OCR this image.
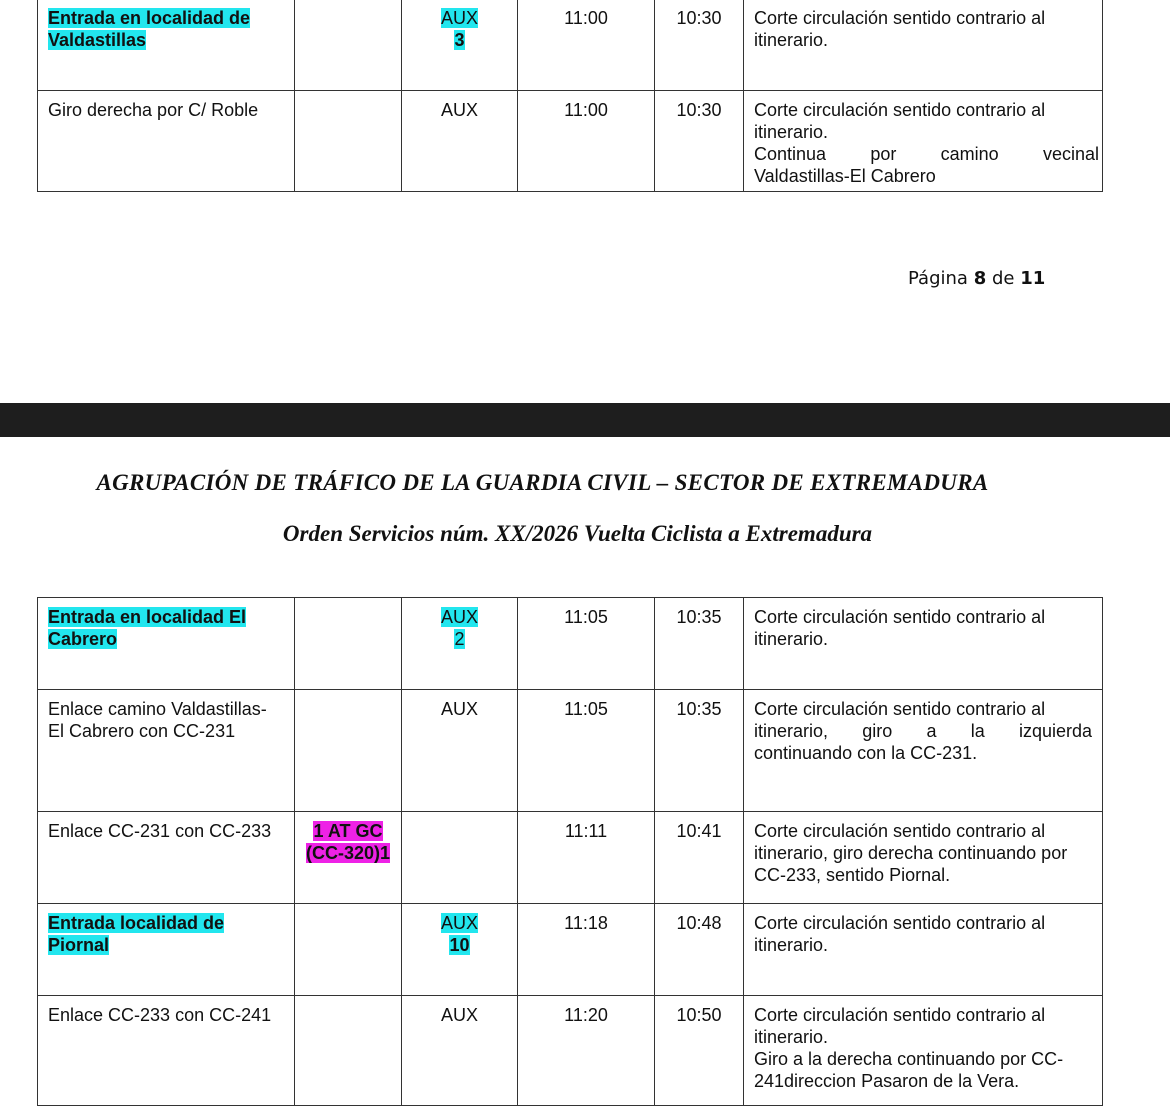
Entrada en localidad de
Valdastillas		AUX
3	11:00	10:30	Corte circulación sentido contrario al
itinerario.

Giro derecha por C/ Roble		AUX	11:00	10:30	Corte circulación sentido contrario al
itinerario.
Continua por camino vecinal
Valdastillas-El Cabrero
Página 8 de 11
AGRUPACIÓN DE TRÁFICO DE LA GUARDIA CIVIL – SECTOR DE EXTREMADURA
Orden Servicios núm. XX/2026 Vuelta Ciclista a Extremadura
Entrada en localidad El
Cabrero		AUX
2	11:05	10:35	Corte circulación sentido contrario al
itinerario.

Enlace camino Valdastillas-
El Cabrero con CC-231		AUX	11:05	10:35	Corte circulación sentido contrario al
itinerario, giro a la izquierda
continuando con la CC-231.

Enlace CC-231 con CC-233	1 AT GC
(CC-320)1		11:11	10:41	Corte circulación sentido contrario al
itinerario, giro derecha continuando por
CC-233, sentido Piornal.

Entrada localidad de
Piornal		AUX
10	11:18	10:48	Corte circulación sentido contrario al
itinerario.

Enlace CC-233 con CC-241		AUX	11:20	10:50	Corte circulación sentido contrario al
itinerario.
Giro a la derecha continuando por CC-
241direccion Pasaron de la Vera.
